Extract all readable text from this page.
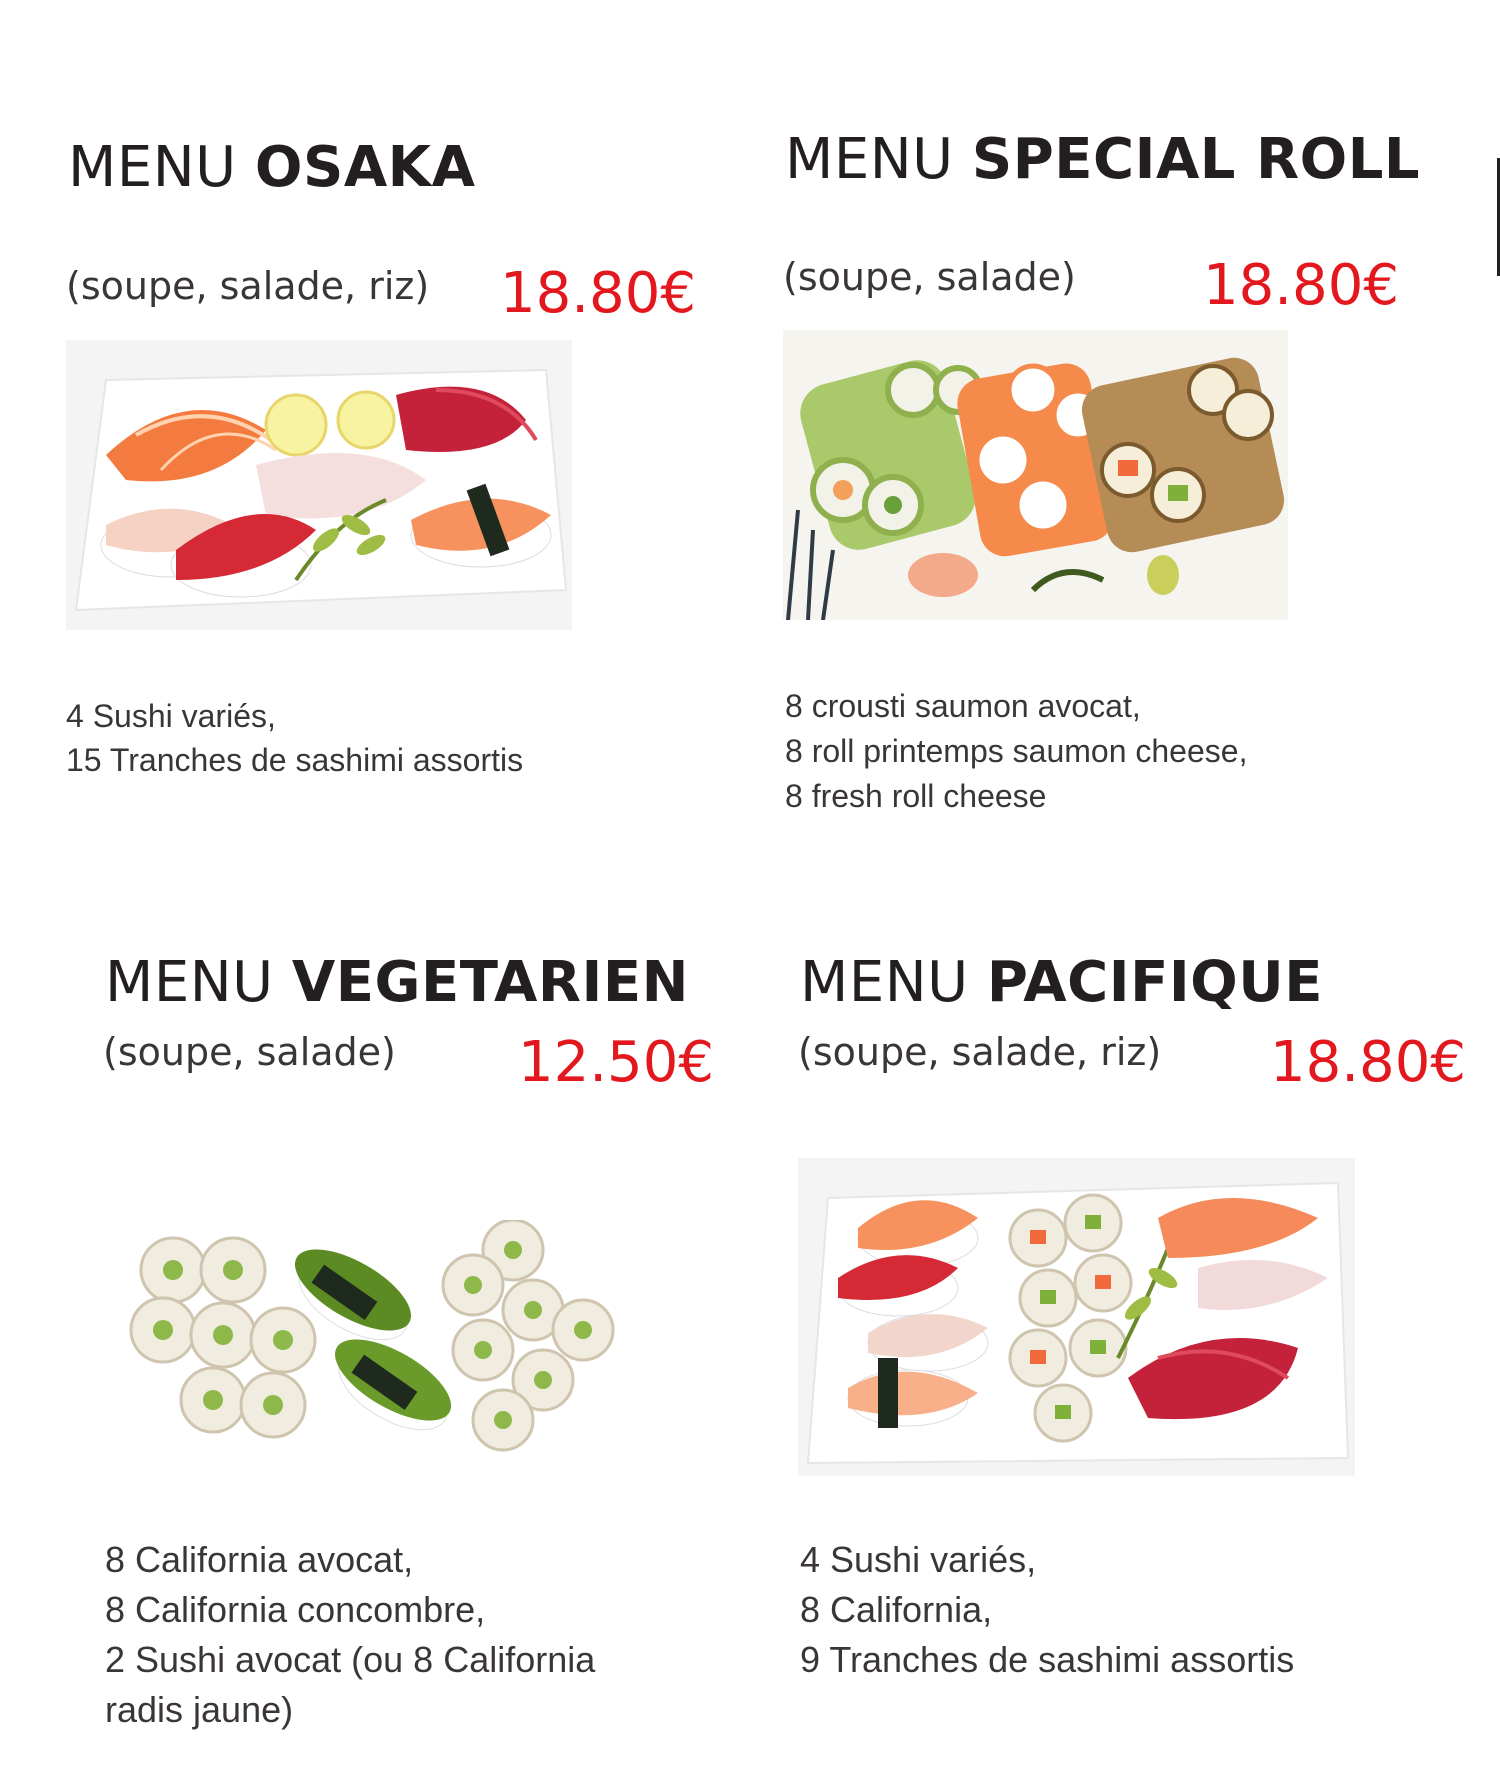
MENU OSAKA
(soupe, salade, riz) 18.80€
4 Sushi variés,
15 Tranches de sashimi assortis
MENU SPECIAL ROLL
(soupe, salade) 18.80€
8 crousti saumon avocat,
8 roll printemps saumon cheese,
8 fresh roll cheese
MENU VEGETARIEN
(soupe, salade) 12.50€
8 California avocat,
8 California concombre,
2 Sushi avocat (ou 8 California
radis jaune)
MENU PACIFIQUE
(soupe, salade, riz) 18.80€
4 Sushi variés,
8 California,
9 Tranches de sashimi assortis
